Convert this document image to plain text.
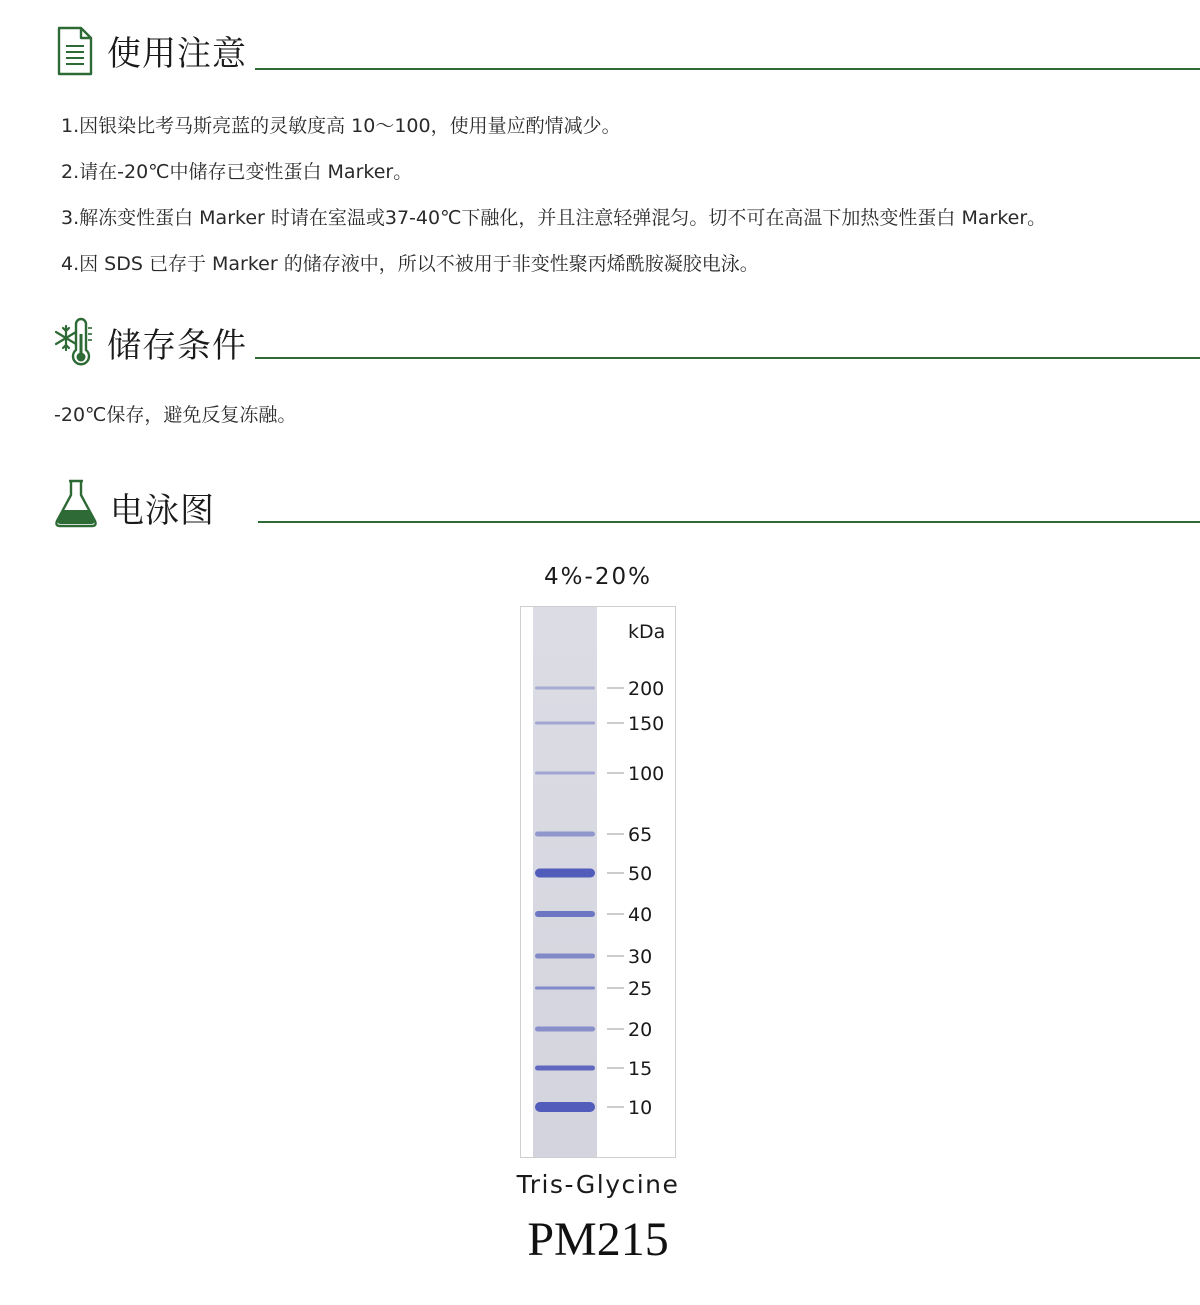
使用注意
1.因银染比考马斯亮蓝的灵敏度高 10～100，使用量应酌情减少。
2.请在-20℃中储存已变性蛋白 Marker。
3.解冻变性蛋白 Marker 时请在室温或37-40℃下融化，并且注意轻弹混匀。切不可在高温下加热变性蛋白 Marker。
4.因 SDS 已存于 Marker 的储存液中，所以不被用于非变性聚丙烯酰胺凝胶电泳。
储存条件
-20℃保存，避免反复冻融。
电泳图
4%-20%
kDa
200
150
100
65
50
40
30
25
20
15
10
Tris-Glycine
PM215
